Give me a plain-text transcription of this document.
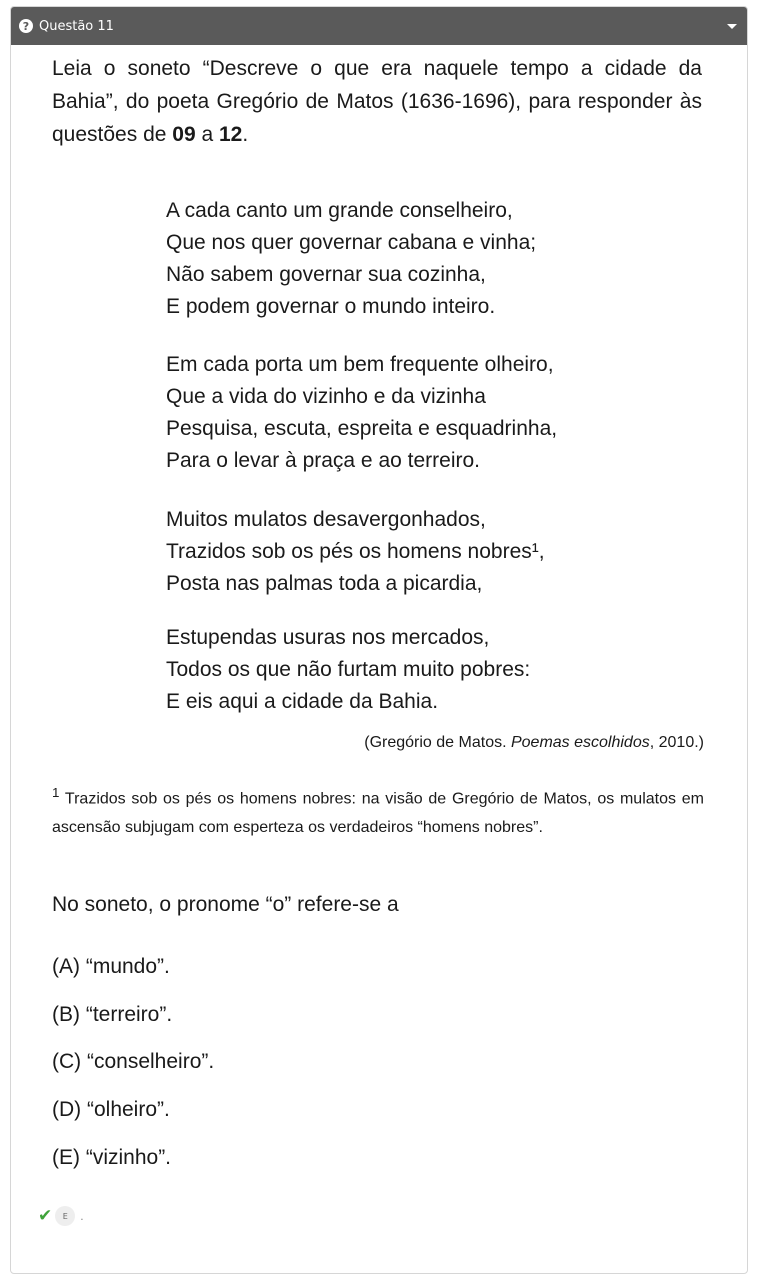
? Questão 11
Leia o soneto “Descreve o que era naquele tempo a cidade da Bahia”, do poeta Gregório de Matos (1636-1696), para responder às questões de 09 a 12.
A cada canto um grande conselheiro,
Que nos quer governar cabana e vinha;
Não sabem governar sua cozinha,
E podem governar o mundo inteiro.
Em cada porta um bem frequente olheiro,
Que a vida do vizinho e da vizinha
Pesquisa, escuta, espreita e esquadrinha,
Para o levar à praça e ao terreiro.
Muitos mulatos desavergonhados,
Trazidos sob os pés os homens nobres¹,
Posta nas palmas toda a picardia,
Estupendas usuras nos mercados,
Todos os que não furtam muito pobres:
E eis aqui a cidade da Bahia.
(Gregório de Matos. Poemas escolhidos, 2010.)
$^1$ Trazidos sob os pés os homens nobres: na visão de Gregório de Matos, os mulatos em ascensão subjugam com esperteza os verdadeiros “homens nobres”.
No soneto, o pronome “o” refere-se a
(A) “mundo”.
(B) “terreiro”.
(C) “conselheiro”.
(D) “olheiro”.
(E) “vizinho”.
✔	E	.
